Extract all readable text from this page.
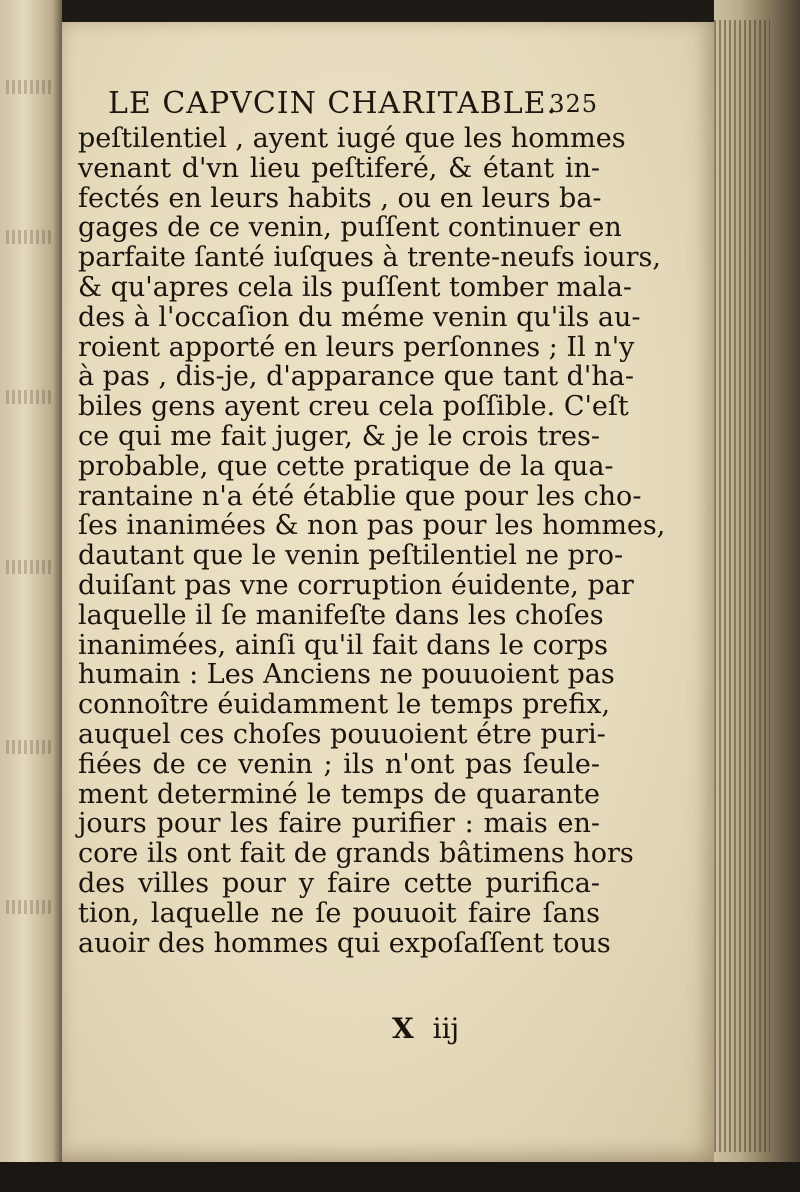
LE CAPVCIN CHARITABLE.
325
peſtilentiel , ayent iugé que les hommes
venant d'vn lieu peſtiferé, & étant in-
fectés en leurs habits , ou en leurs ba-
gages de ce venin, puſſent continuer en
parfaite ſanté iuſques à trente-neufs iours,
& qu'apres cela ils puſſent tomber mala-
des à l'occaſion du méme venin qu'ils au-
roient apporté en leurs perſonnes ; Il n'y
à pas , dis-je, d'apparance que tant d'ha-
biles gens ayent creu cela poſſible. C'eſt
ce qui me fait juger, & je le crois tres-
probable, que cette pratique de la qua-
rantaine n'a été établie que pour les cho-
ſes inanimées & non pas pour les hommes,
dautant que le venin peſtilentiel ne pro-
duiſant pas vne corruption éuidente, par
laquelle il ſe manifeſte dans les choſes
inanimées, ainſi qu'il fait dans le corps
humain : Les Anciens ne pouuoient pas
connoître éuidamment le temps prefix,
auquel ces choſes pouuoient étre puri-
fiées de ce venin ; ils n'ont pas ſeule-
ment determiné le temps de quarante
jours pour les faire purifier : mais en-
core ils ont fait de grands bâtimens hors
des villes pour y faire cette purifica-
tion, laquelle ne ſe pouuoit faire ſans
auoir des hommes qui expoſaſſent tous
X iij
